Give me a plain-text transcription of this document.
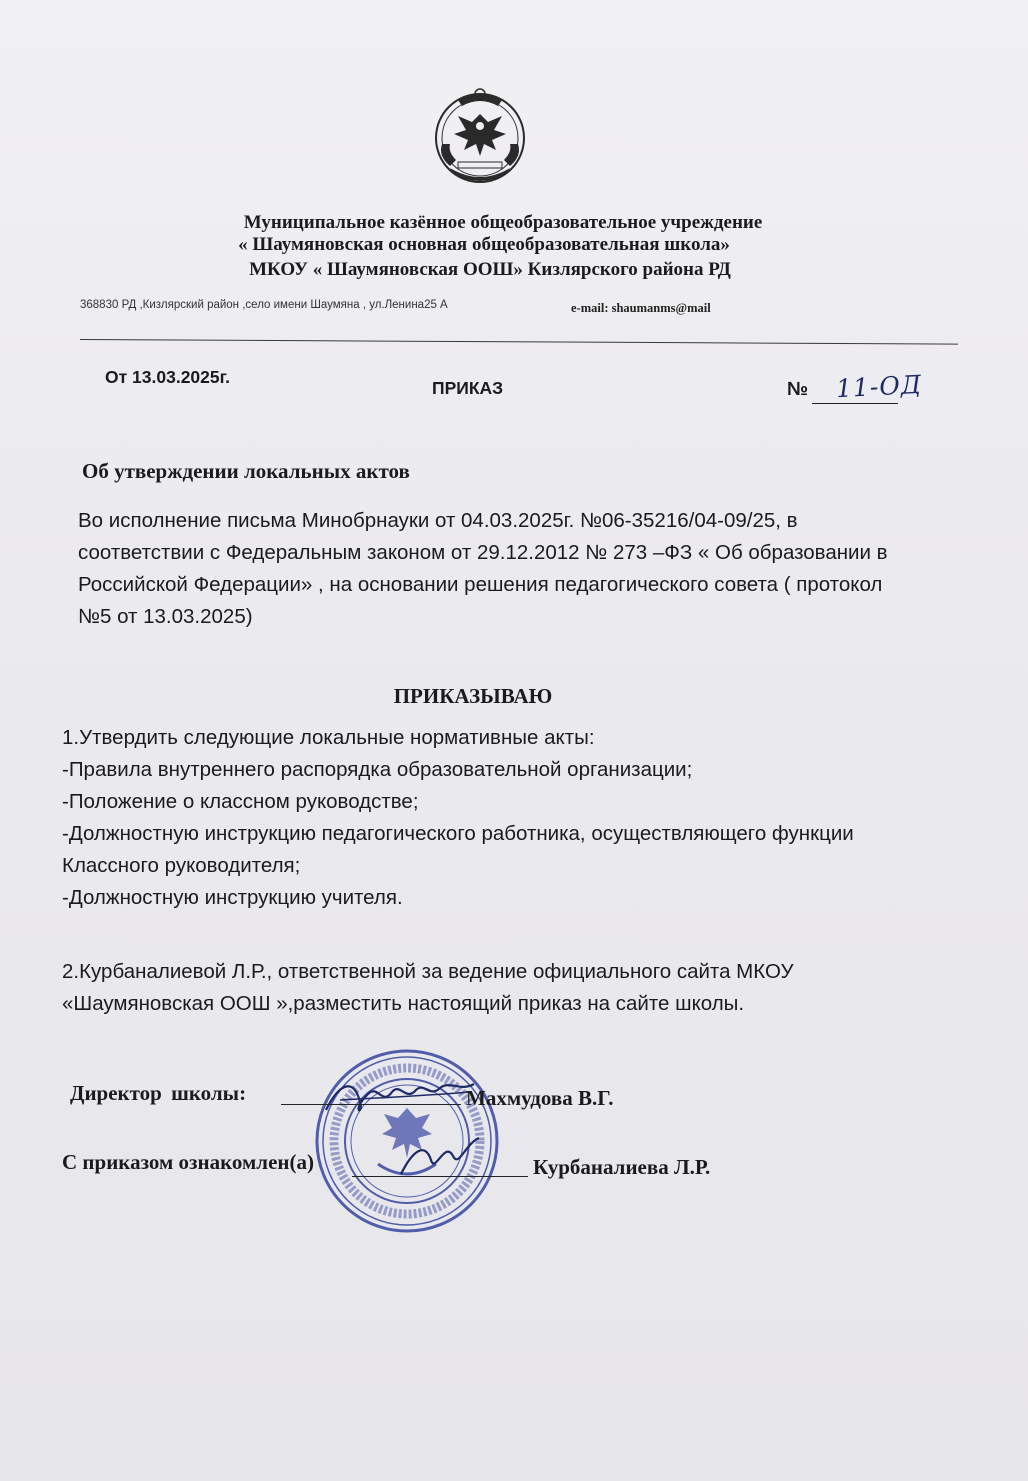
Муниципальное казённое общеобразовательное учреждение
« Шаумяновская основная общеобразовательная школа»
МКОУ « Шаумяновская ООШ» Кизлярского района РД
368830 РД ,Кизлярский район ,село имени Шаумяна , ул.Ленина25 А	e-mail: shaumanms@mail
От 13.03.2025г.
ПРИКАЗ	№ 11-ОД
Об утверждении локальных актов
Во исполнение письма Минобрнауки от 04.03.2025г. №06-35216/04-09/25, в
соответствии с Федеральным законом от 29.12.2012 № 273 –ФЗ « Об образовании в
Российской Федерации» , на основании решения педагогического совета ( протокол
№5 от 13.03.2025)
ПРИКАЗЫВАЮ
1.Утвердить следующие локальные нормативные акты:
-Правила внутреннего распорядка образовательной организации;
-Положение о классном руководстве;
-Должностную инструкцию педагогического работника, осуществляющего функции
Классного руководителя;
-Должностную инструкцию учителя.
2.Курбаналиевой Л.Р., ответственной за ведение официального сайта МКОУ
«Шаумяновская ООШ »,разместить настоящий приказ на сайте школы.
Директор школы:	Махмудова В.Г.
С приказом ознакомлен(а)	Курбаналиева Л.Р.
